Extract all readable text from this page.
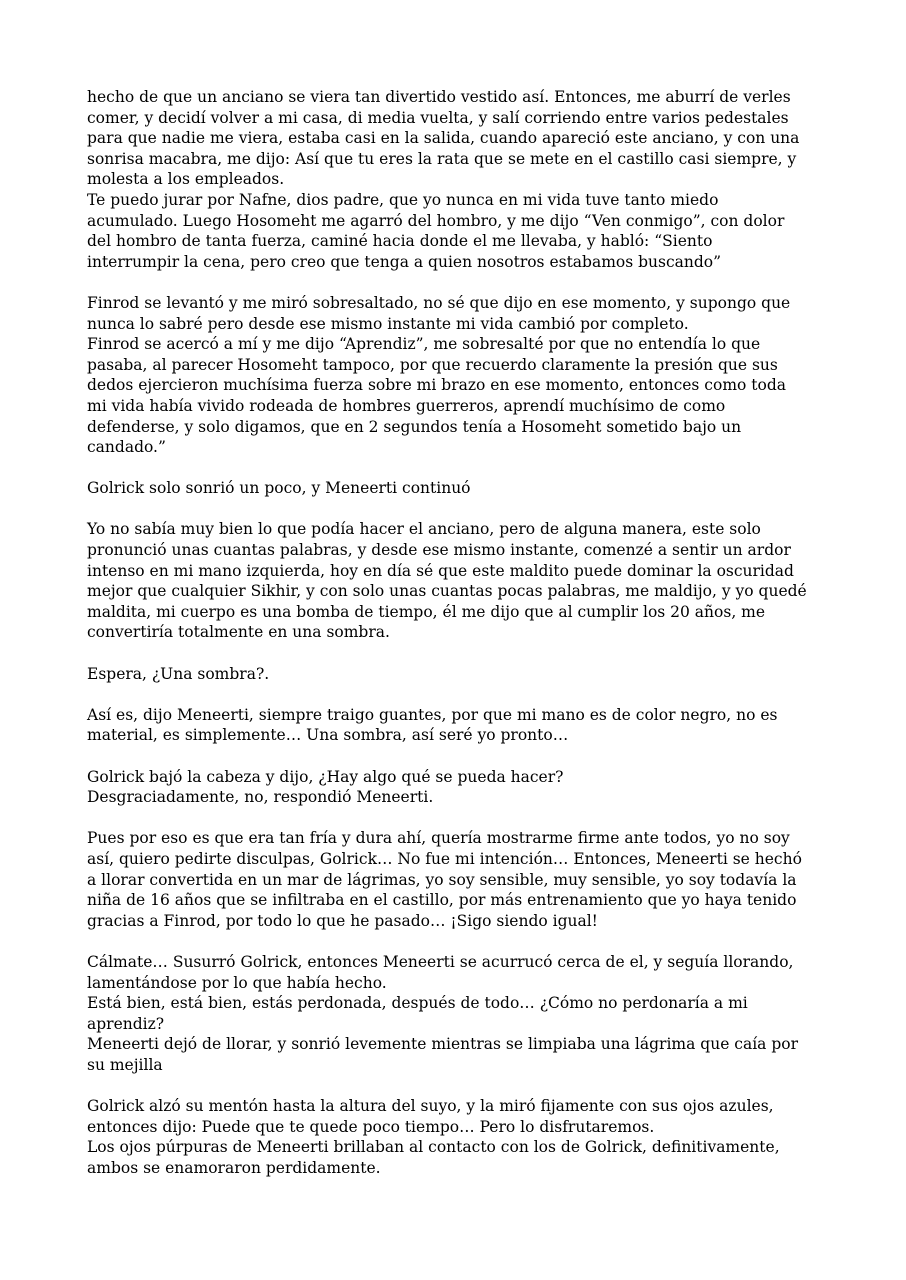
hecho de que un anciano se viera tan divertido vestido así. Entonces, me aburrí de verles
comer, y decidí volver a mi casa, di media vuelta, y salí corriendo entre varios pedestales
para que nadie me viera, estaba casi en la salida, cuando apareció este anciano, y con una
sonrisa macabra, me dijo: Así que tu eres la rata que se mete en el castillo casi siempre, y
molesta a los empleados.
Te puedo jurar por Nafne, dios padre, que yo nunca en mi vida tuve tanto miedo
acumulado. Luego Hosomeht me agarró del hombro, y me dijo “Ven conmigo”, con dolor
del hombro de tanta fuerza, caminé hacia donde el me llevaba, y habló: “Siento
interrumpir la cena, pero creo que tenga a quien nosotros estabamos buscando”
Finrod se levantó y me miró sobresaltado, no sé que dijo en ese momento, y supongo que
nunca lo sabré pero desde ese mismo instante mi vida cambió por completo.
Finrod se acercó a mí y me dijo “Aprendiz”, me sobresalté por que no entendía lo que
pasaba, al parecer Hosomeht tampoco, por que recuerdo claramente la presión que sus
dedos ejercieron muchísima fuerza sobre mi brazo en ese momento, entonces como toda
mi vida había vivido rodeada de hombres guerreros, aprendí muchísimo de como
defenderse, y solo digamos, que en 2 segundos tenía a Hosomeht sometido bajo un
candado.”
Golrick solo sonrió un poco, y Meneerti continuó
Yo no sabía muy bien lo que podía hacer el anciano, pero de alguna manera, este solo
pronunció unas cuantas palabras, y desde ese mismo instante, comenzé a sentir un ardor
intenso en mi mano izquierda, hoy en día sé que este maldito puede dominar la oscuridad
mejor que cualquier Sikhir, y con solo unas cuantas pocas palabras, me maldijo, y yo quedé
maldita, mi cuerpo es una bomba de tiempo, él me dijo que al cumplir los 20 años, me
convertiría totalmente en una sombra.
Espera, ¿Una sombra?.
Así es, dijo Meneerti, siempre traigo guantes, por que mi mano es de color negro, no es
material, es simplemente… Una sombra, así seré yo pronto…
Golrick bajó la cabeza y dijo, ¿Hay algo qué se pueda hacer?
Desgraciadamente, no, respondió Meneerti.
Pues por eso es que era tan fría y dura ahí, quería mostrarme firme ante todos, yo no soy
así, quiero pedirte disculpas, Golrick… No fue mi intención… Entonces, Meneerti se hechó
a llorar convertida en un mar de lágrimas, yo soy sensible, muy sensible, yo soy todavía la
niña de 16 años que se infiltraba en el castillo, por más entrenamiento que yo haya tenido
gracias a Finrod, por todo lo que he pasado… ¡Sigo siendo igual!
Cálmate… Susurró Golrick, entonces Meneerti se acurrucó cerca de el, y seguía llorando,
lamentándose por lo que había hecho.
Está bien, está bien, estás perdonada, después de todo… ¿Cómo no perdonaría a mi
aprendiz?
Meneerti dejó de llorar, y sonrió levemente mientras se limpiaba una lágrima que caía por
su mejilla
Golrick alzó su mentón hasta la altura del suyo, y la miró fijamente con sus ojos azules,
entonces dijo: Puede que te quede poco tiempo… Pero lo disfrutaremos.
Los ojos púrpuras de Meneerti brillaban al contacto con los de Golrick, definitivamente,
ambos se enamoraron perdidamente.
